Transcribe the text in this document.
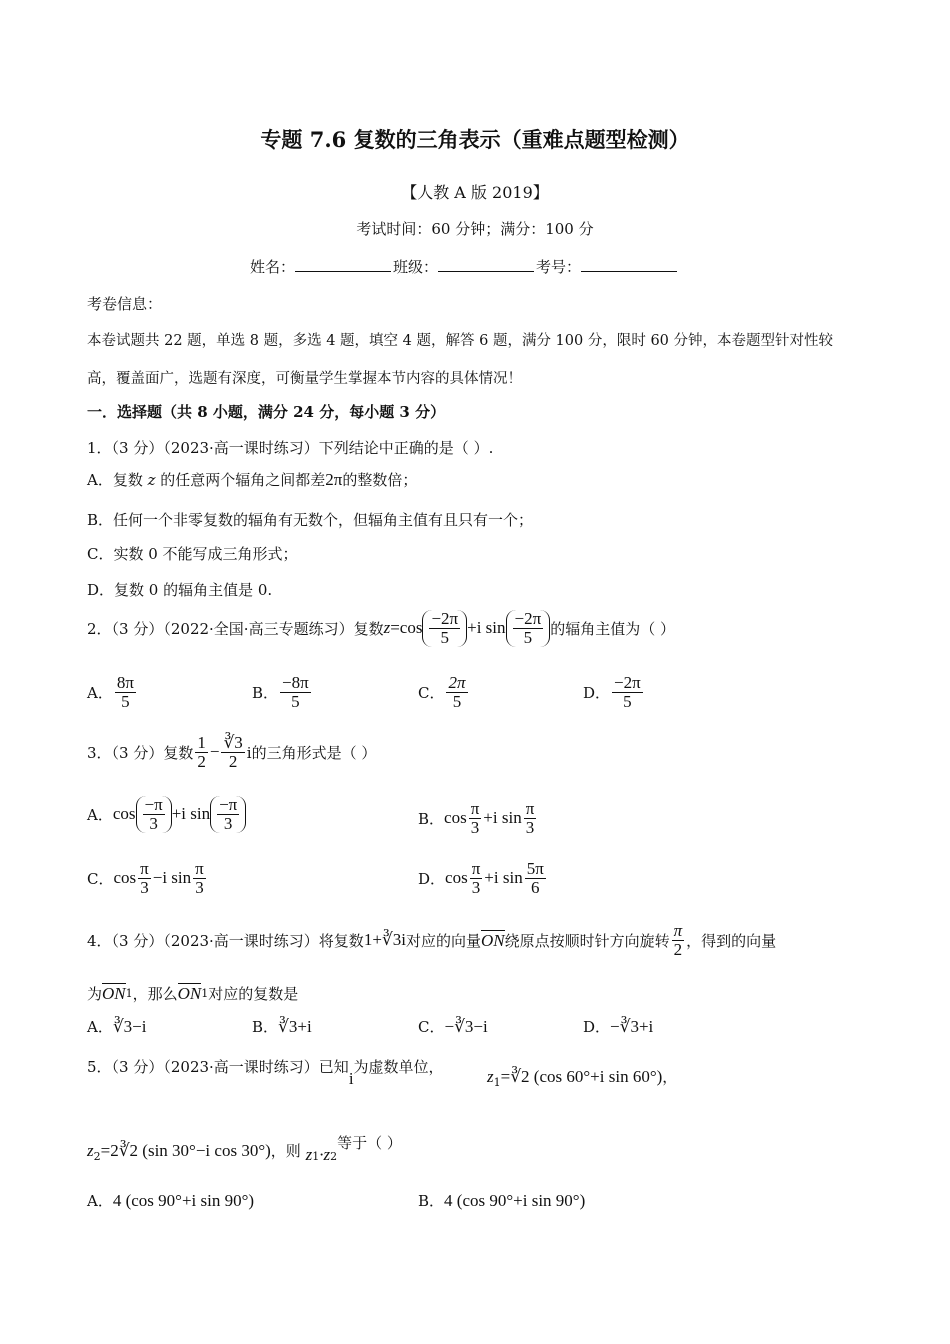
专题 7.6 复数的三角表示（重难点题型检测）
【人教 A 版 2019】
考试时间：60 分钟；满分：100 分
姓名：	班级：	考号：
考卷信息：
本卷试题共 22 题，单选 8 题，多选 4 题，填空 4 题，解答 6 题，满分 100 分，限时 60 分钟，本卷题型针对性较
高，覆盖面广，选题有深度，可衡量学生掌握本节内容的具体情况！
一．选择题（共 8 小题，满分 24 分，每小题 3 分）
1．（3 分）（2023·高一课时练习）下列结论中正确的是（ ）.
A．复数 z 的任意两个辐角之间都差2π的整数倍；
B．任何一个非零复数的辐角有无数个，但辐角主值有且只有一个；
C．实数 0 不能写成三角形式；
D．复数 0 的辐角主值是 0.
2．（3 分）（2022·全国·高三专题练习）复数 $z =\cos \frac{-2\pi}{5} +i$ $\sin \frac{-2\pi}{5}$ 的辐角主值为（ ）
A． $\frac{8\pi}{5}$	B． $\frac{-8\pi}{5}$	C． $\frac{2\pi}{5}$	D． $\frac{-2\pi}{5}$
3．（3 分）复数 $\frac{1}{2} - \frac{∛3}{2}$ i的三角形式是（ ）
A． $\cos \frac{-\pi}{3} +i$ $\sin \frac{-\pi}{3}$	B． $\cos \frac{\pi}{3} +i$ $\sin \frac{\pi}{3}$
C． $\cos \frac{\pi}{3} -i$ $\sin \frac{\pi}{3}$	D． $\cos \frac{\pi}{3} +i$ $\sin \frac{5\pi}{6}$
4．（3 分）（2023·高一课时练习）将复数 1+∛3i 对应的向量 ON 绕原点按顺时针方向旋转 $\frac{\pi}{2}$ ，得到的向量
为 ON 1 ，那么 ON 1 对应的复数是
A．∛3−i	B．∛3+i	C．−∛3−i	D．−∛3+i
5．（3 分）（2023·高一课时练习）已知i为虚数单位，	$z_1=∛2$ (cos 60°+i sin 60°)，
$z_2=2∛2$ (sin 30°−i cos 30°)，则 $z_1\cdot z_2$等于（ ）
A．4 (cos 90°+i sin 90°)	B．4 (cos 90°+i sin 90°)
